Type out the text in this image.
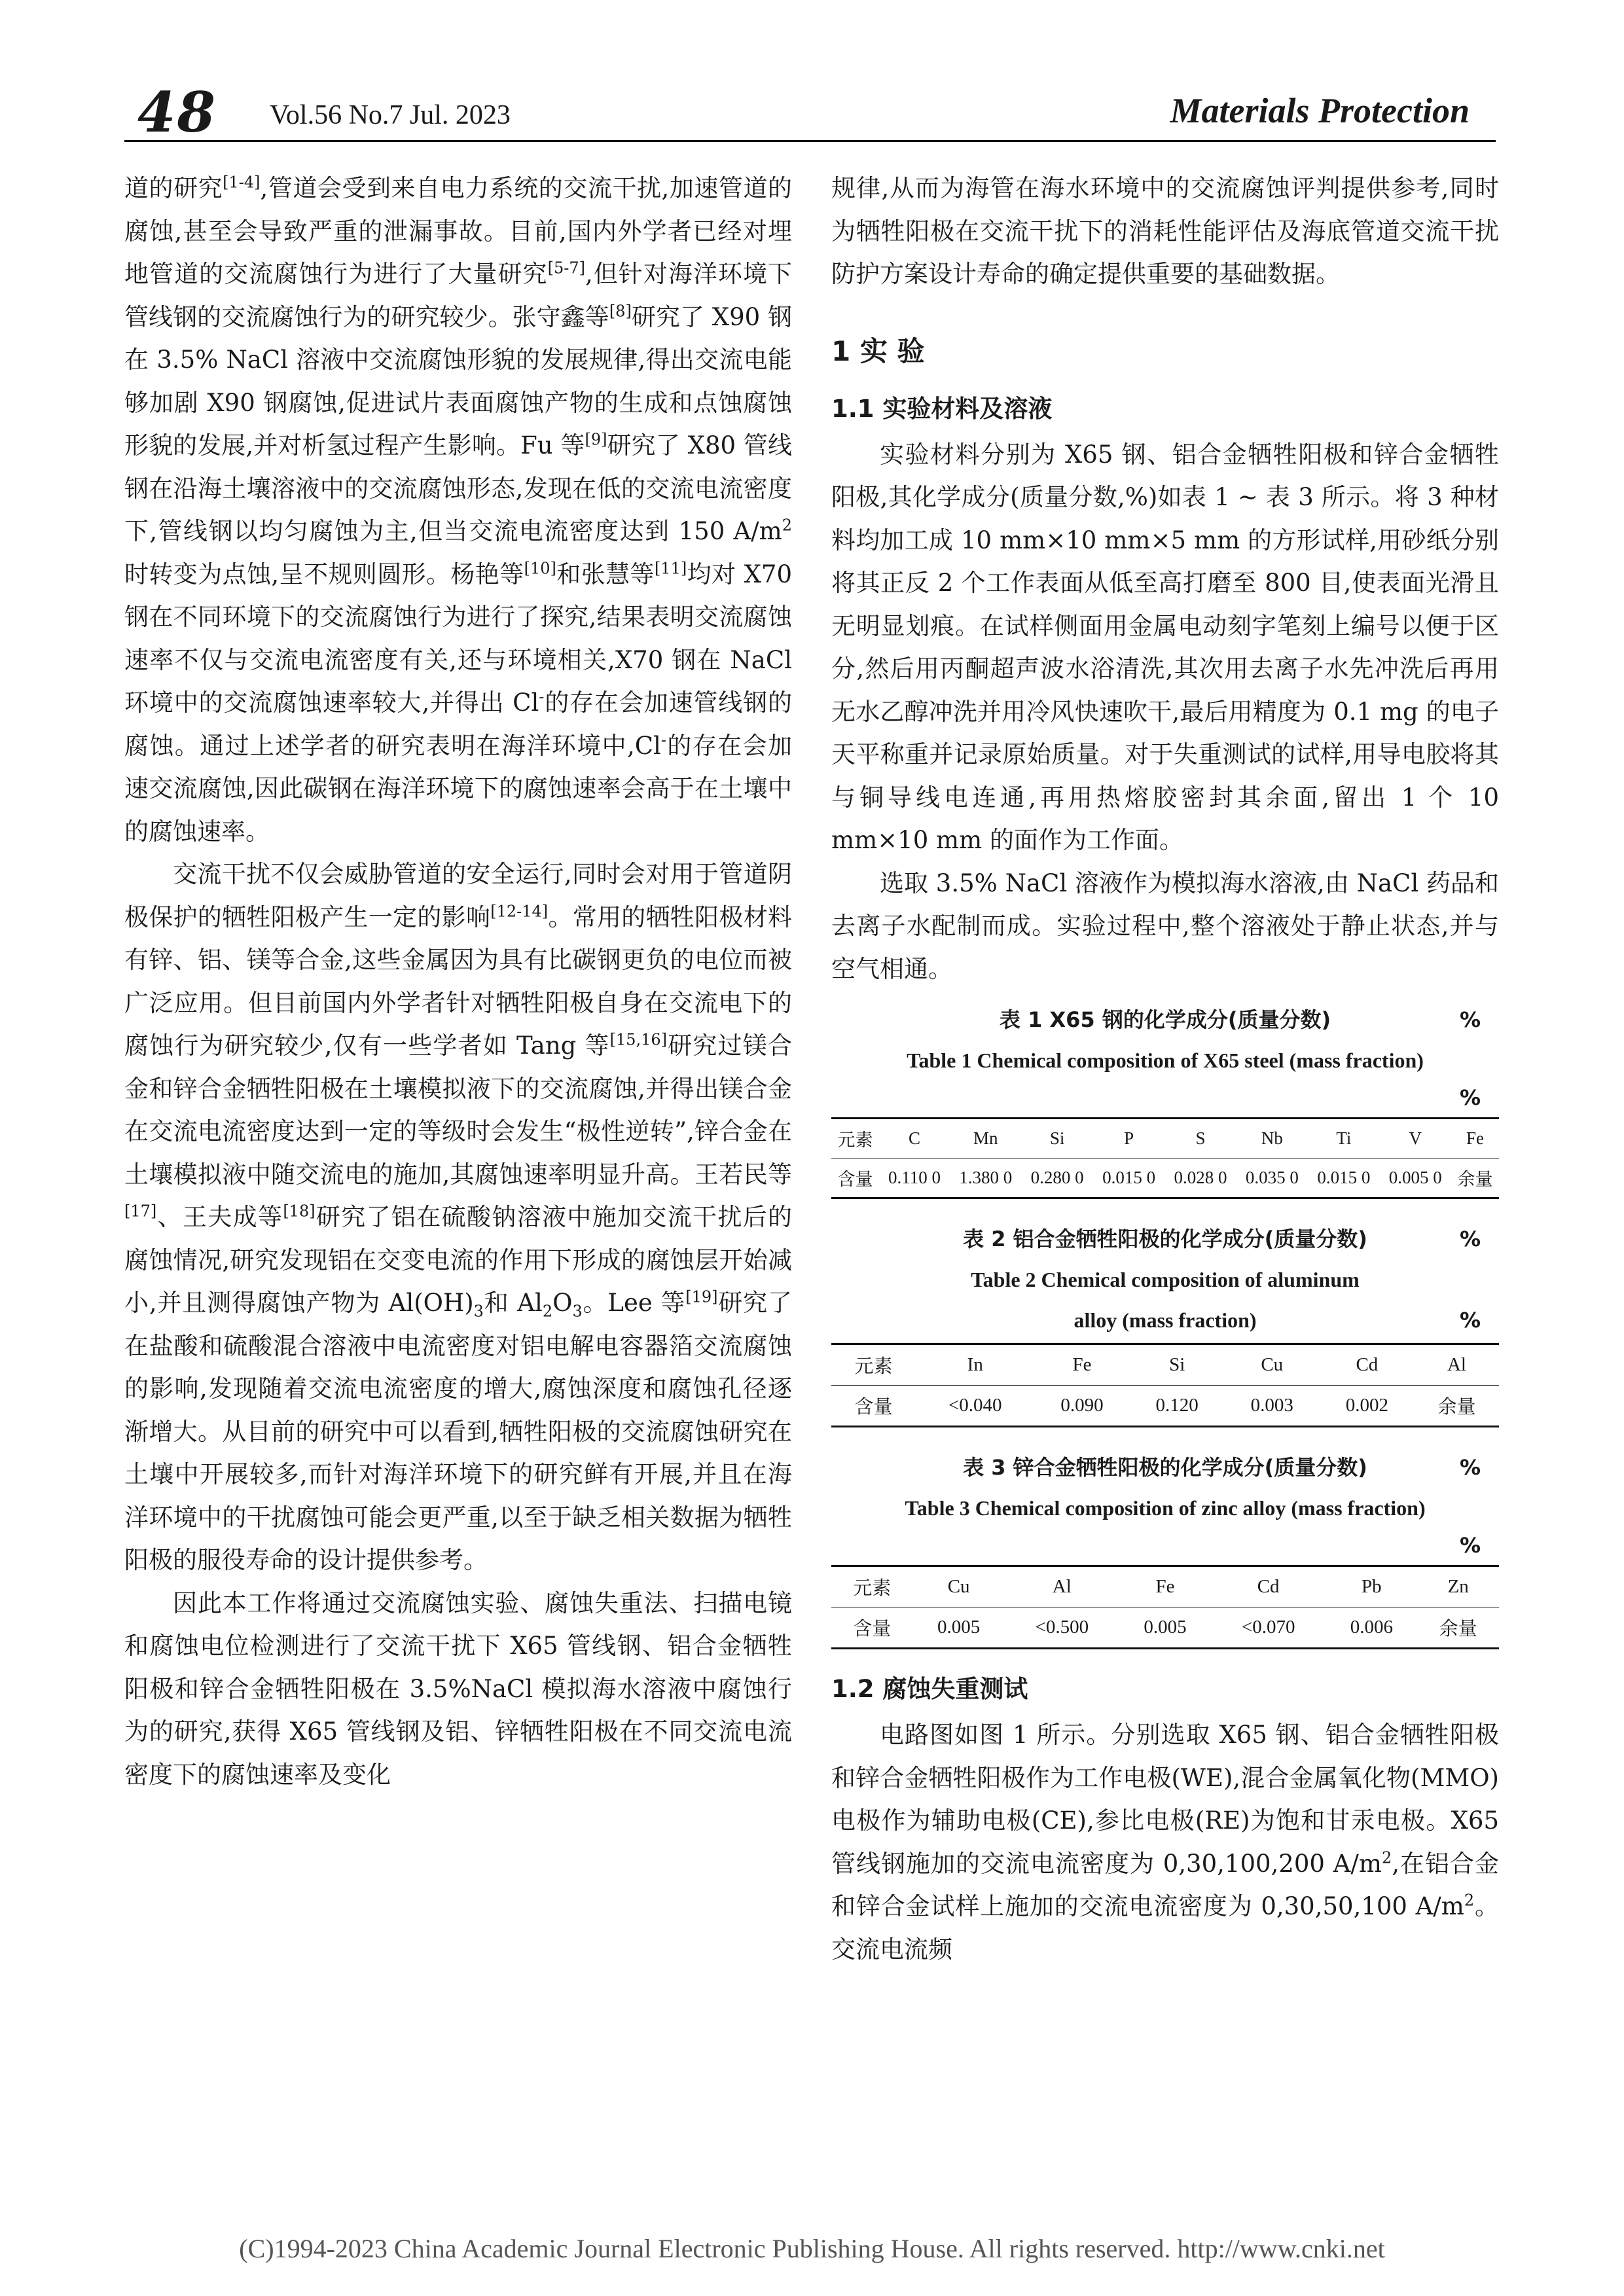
48 Vol.56 No.7 Jul. 2023	Materials Protection

道的研究[1-4],管道会受到来自电力系统的交流干扰,加速管道的腐蚀,甚至会导致严重的泄漏事故。目前,国内外学者已经对埋地管道的交流腐蚀行为进行了大量研究[5-7],但针对海洋环境下管线钢的交流腐蚀行为的研究较少。张守鑫等[8]研究了 X90 钢在 3.5% NaCl 溶液中交流腐蚀形貌的发展规律,得出交流电能够加剧 X90 钢腐蚀,促进试片表面腐蚀产物的生成和点蚀腐蚀形貌的发展,并对析氢过程产生影响。Fu 等[9]研究了 X80 管线钢在沿海土壤溶液中的交流腐蚀形态,发现在低的交流电流密度下,管线钢以均匀腐蚀为主,但当交流电流密度达到 150 $A/m^2$时转变为点蚀,呈不规则圆形。杨艳等[10]和张慧等[11]均对 X70 钢在不同环境下的交流腐蚀行为进行了探究,结果表明交流腐蚀速率不仅与交流电流密度有关,还与环境相关,X70 钢在 NaCl 环境中的交流腐蚀速率较大,并得出 Cl-的存在会加速管线钢的腐蚀。通过上述学者的研究表明在海洋环境中,Cl-的存在会加速交流腐蚀,因此碳钢在海洋环境下的腐蚀速率会高于在土壤中的腐蚀速率。

交流干扰不仅会威胁管道的安全运行,同时会对用于管道阴极保护的牺牲阳极产生一定的影响[12-14]。常用的牺牲阳极材料有锌、铝、镁等合金,这些金属因为具有比碳钢更负的电位而被广泛应用。但目前国内外学者针对牺牲阳极自身在交流电下的腐蚀行为研究较少,仅有一些学者如 Tang 等[15,16]研究过镁合金和锌合金牺牲阳极在土壤模拟液下的交流腐蚀,并得出镁合金在交流电流密度达到一定的等级时会发生“极性逆转”,锌合金在土壤模拟液中随交流电的施加,其腐蚀速率明显升高。王若民等[17]、王夫成等[18]研究了铝在硫酸钠溶液中施加交流干扰后的腐蚀情况,研究发现铝在交变电流的作用下形成的腐蚀层开始减小,并且测得腐蚀产物为 $Al(OH)_3$和 $Al_2O_3$。Lee 等[19]研究了在盐酸和硫酸混合溶液中电流密度对铝电解电容器箔交流腐蚀的影响,发现随着交流电流密度的增大,腐蚀深度和腐蚀孔径逐渐增大。从目前的研究中可以看到,牺牲阳极的交流腐蚀研究在土壤中开展较多,而针对海洋环境下的研究鲜有开展,并且在海洋环境中的干扰腐蚀可能会更严重,以至于缺乏相关数据为牺牲阳极的服役寿命的设计提供参考。

因此本工作将通过交流腐蚀实验、腐蚀失重法、扫描电镜和腐蚀电位检测进行了交流干扰下 X65 管线钢、铝合金牺牲阳极和锌合金牺牲阳极在 3.5%NaCl 模拟海水溶液中腐蚀行为的研究,获得 X65 管线钢及铝、锌牺牲阳极在不同交流电流密度下的腐蚀速率及变化

规律,从而为海管在海水环境中的交流腐蚀评判提供参考,同时为牺牲阳极在交流干扰下的消耗性能评估及海底管道交流干扰防护方案设计寿命的确定提供重要的基础数据。

1 实 验
1.1 实验材料及溶液

实验材料分别为 X65 钢、铝合金牺牲阳极和锌合金牺牲阳极,其化学成分(质量分数,%)如表 1 ~ 表 3 所示。将 3 种材料均加工成 10 mm×10 mm×5 mm 的方形试样,用砂纸分别将其正反 2 个工作表面从低至高打磨至 800 目,使表面光滑且无明显划痕。在试样侧面用金属电动刻字笔刻上编号以便于区分,然后用丙酮超声波水浴清洗,其次用去离子水先冲洗后再用无水乙醇冲洗并用冷风快速吹干,最后用精度为 0.1 mg 的电子天平称重并记录原始质量。对于失重测试的试样,用导电胶将其与铜导线电连通,再用热熔胶密封其余面,留出 1 个 10 mm×10 mm 的面作为工作面。

选取 3.5% NaCl 溶液作为模拟海水溶液,由 NaCl 药品和去离子水配制而成。实验过程中,整个溶液处于静止状态,并与空气相通。

表 1 X65 钢的化学成分(质量分数)	%
Table 1 Chemical composition of X65 steel (mass fraction)
%
元素	C	Mn	Si	P	S	Nb	Ti	V	Fe
含量	0.110 0	1.380 0	0.280 0	0.015 0	0.028 0	0.035 0	0.015 0	0.005 0	余量
表 2 铝合金牺牲阳极的化学成分(质量分数)	%
Table 2 Chemical composition of aluminum
alloy (mass fraction)	%
元素	In	Fe	Si	Cu	Cd	Al
含量	<0.040	0.090	0.120	0.003	0.002	余量
表 3 锌合金牺牲阳极的化学成分(质量分数)	%
Table 3 Chemical composition of zinc alloy (mass fraction)
%
元素	Cu	Al	Fe	Cd	Pb	Zn
含量	0.005	<0.500	0.005	<0.070	0.006	余量
1.2 腐蚀失重测试

电路图如图 1 所示。分别选取 X65 钢、铝合金牺牲阳极和锌合金牺牲阳极作为工作电极(WE),混合金属氧化物(MMO)电极作为辅助电极(CE),参比电极(RE)为饱和甘汞电极。X65 管线钢施加的交流电流密度为 0,30,100,200 $A/m^2$,在铝合金和锌合金试样上施加的交流电流密度为 0,30,50,100 $A/m^2$。交流电流频

(C)1994-2023 China Academic Journal Electronic Publishing House. All rights reserved. http://www.cnki.net
